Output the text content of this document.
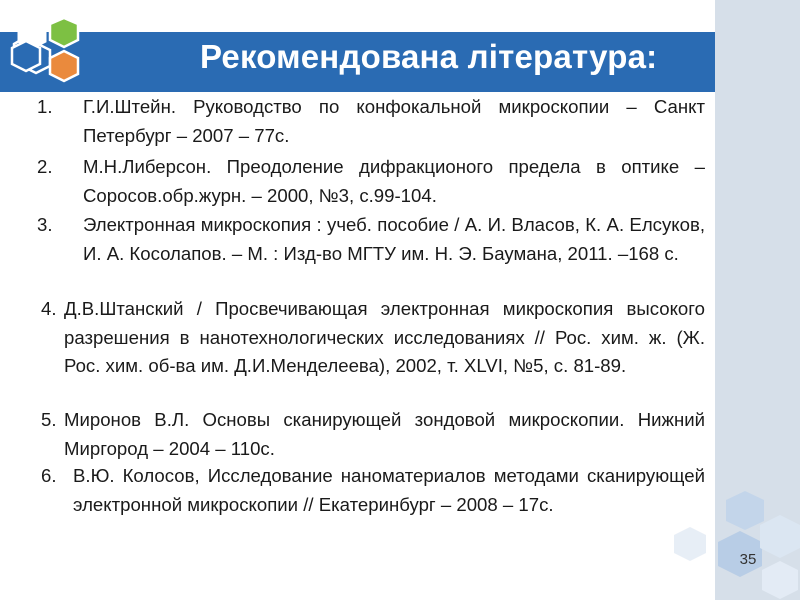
Рекомендована література:
1. Г.И.Штейн. Руководство по конфокальной микроскопии – Санкт Петербург – 2007 – 77с.
2. М.Н.Либерсон. Преодоление дифракционого предела в оптике – Соросов.обр.журн. – 2000, №3, с.99-104.
3. Электронная микроскопия : учеб. пособие / А. И. Власов, К. А. Елсуков, И. А. Косолапов. – М. : Изд-во МГТУ им. Н. Э. Баумана, 2011. –168 с.
4. Д.В.Штанский / Просвечивающая электронная микроскопия высокого разрешения в нанотехнологических исследованиях // Рос. хим. ж. (Ж. Рос. хим. об-ва им. Д.И.Менделеева), 2002, т. XLVI, №5, с. 81-89.
5. Миронов В.Л. Основы сканирующей зондовой микроскопии. Нижний Миргород – 2004 – 110с.
6. В.Ю. Колосов, Исследование наноматериалов методами сканирующей электронной микроскопии // Екатеринбург – 2008 – 17с.
35
